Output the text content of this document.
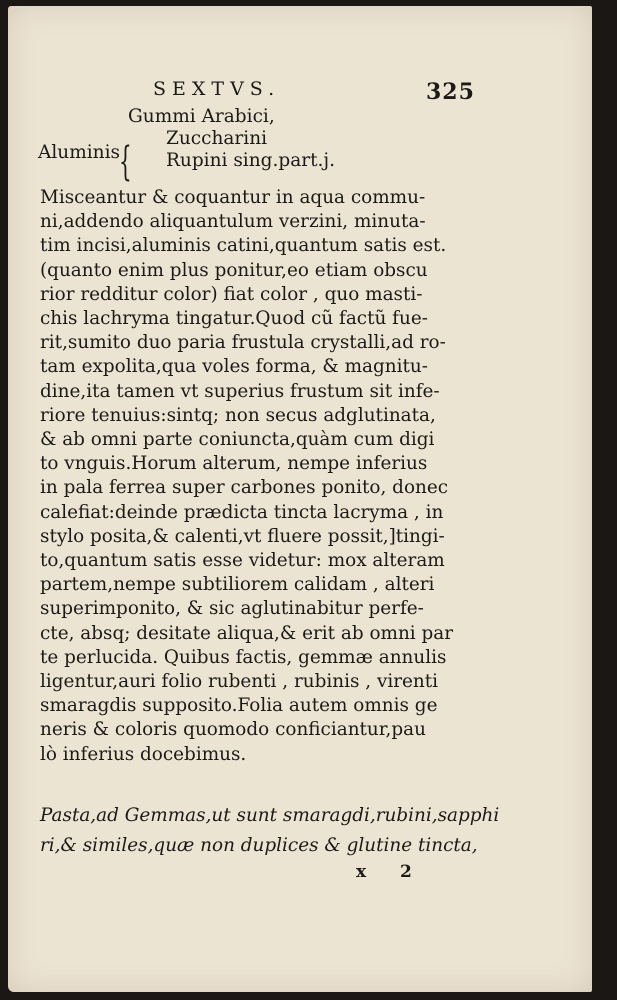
SEXTVS.	325
Gummi Arabici,
Zuccharini
Rupini sing.part.j.
Aluminis {
Misceantur & coquantur in aqua commu-
ni,addendo aliquantulum verzini, minuta-
tim incisi,aluminis catini,quantum satis est.
(quanto enim plus ponitur,eo etiam obscu
rior redditur color) fiat color , quo masti-
chis lachryma tingatur.Quod cũ factũ fue-
rit,sumito duo paria frustula crystalli,ad ro-
tam expolita,qua voles forma, & magnitu-
dine,ita tamen vt superius frustum sit infe-
riore tenuius:sintq; non secus adglutinata,
& ab omni parte coniuncta,quàm cum digi
to vnguis.Horum alterum, nempe inferius
in pala ferrea super carbones ponito, donec
calefiat:deinde prædicta tincta lacryma , in
stylo posita,& calenti,vt fluere possit,]tingi-
to,quantum satis esse videtur: mox alteram
partem,nempe subtiliorem calidam , alteri
superimponito, & sic aglutinabitur perfe-
cte, absq; desitate aliqua,& erit ab omni par
te perlucida. Quibus factis, gemmæ annulis
ligentur,auri folio rubenti , rubinis , virenti
smaragdis supposito.Folia autem omnis ge
neris & coloris quomodo conficiantur,pau
lò inferius docebimus.
Pasta,ad Gemmas,ut sunt smaragdi,rubini,sapphi
ri,& similes,quæ non duplices & glutine tincta,
x 2
